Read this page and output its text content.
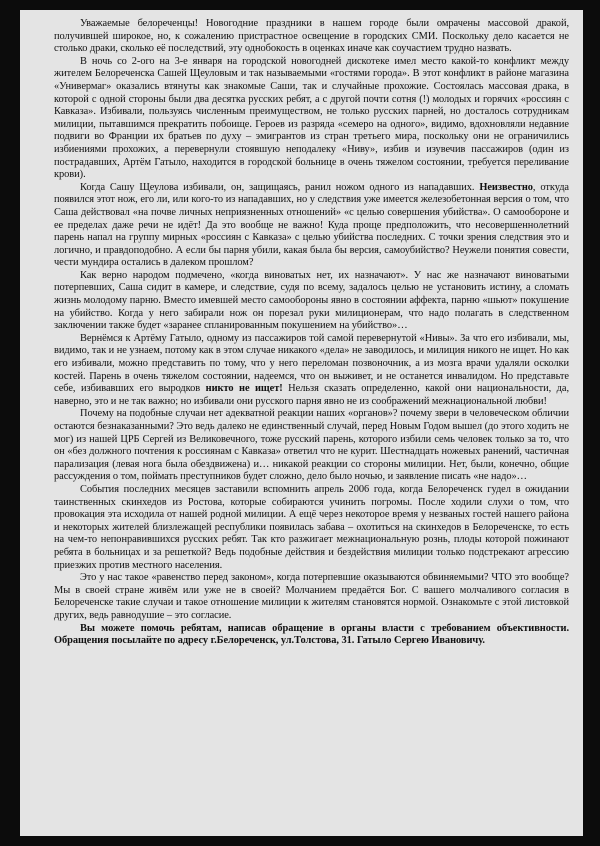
Уважаемые белореченцы! Новогодние праздники в нашем городе были омрачены массовой дракой, получившей широкое, но, к сожалению пристрастное освещение в городских СМИ. Поскольку дело касается не столько драки, сколько её последствий, эту однобокость в оценках иначе как соучастием трудно назвать.

В ночь со 2-ого на 3-е января на городской новогодней дискотеке имел место какой-то конфликт между жителем Белореченска Сашей Щеуловым и так называемыми «гостями города». В этот конфликт в районе магазина «Универмаг» оказались втянуты как знакомые Саши, так и случайные прохожие. Состоялась массовая драка, в которой с одной стороны были два десятка русских ребят, а с другой почти сотня (!) молодых и горячих «россиян с Кавказа». Избивали, пользуясь численным преимуществом, не только русских парней, но досталось сотрудникам милиции, пытавшимся прекратить побоище. Героев из разряда «семеро на одного», видимо, вдохновляли недавние подвиги во Франции их братьев по духу – эмигрантов из стран третьего мира, поскольку они не ограничились избиениями прохожих, а перевернули стоявшую неподалеку «Ниву», избив и изувечив пассажиров (один из пострадавших, Артём Гатыло, находится в городской больнице в очень тяжелом состоянии, требуется переливание крови).

Когда Сашу Щеулова избивали, он, защищаясь, ранил ножом одного из нападавших. Неизвестно, откуда появился этот нож, его ли, или кого-то из нападавших, но у следствия уже имеется железобетонная версия о том, что Саша действовал «на почве личных неприязненных отношений» «с целью совершения убийства». О самообороне и ее пределах даже речи не идёт! Да это вообще не важно! Куда проще предположить, что несовершеннолетний парень напал на группу мирных «россиян с Кавказа» с целью убийства последних. С точки зрения следствия это и логично, и правдоподобно. А если бы парня убили, какая была бы версия, самоубийство? Неужели понятия совести, чести мундира остались в далеком прошлом?

Как верно народом подмечено, «когда виноватых нет, их назначают». У нас же назначают виноватыми потерпевших, Саша сидит в камере, и следствие, судя по всему, задалось целью не установить истину, а сломать жизнь молодому парню. Вместо имевшей место самообороны явно в состоянии аффекта, парню «шьют» покушение на убийство. Когда у него забирали нож он порезал руки милиционерам, что надо полагать в следственном заключении также будет «заранее спланированным покушением на убийство»…

Вернёмся к Артёму Гатыло, одному из пассажиров той самой перевернутой «Нивы». За что его избивали, мы, видимо, так и не узнаем, потому как в этом случае никакого «дела» не заводилось, и милиция никого не ищет. Но как его избивали, можно представить по тому, что у него переломан позвоночник, а из мозга врачи удаляли осколки костей. Парень в очень тяжелом состоянии, надеемся, что он выживет, и не останется инвалидом. Но представьте себе, избивавших его выродков никто не ищет! Нельзя сказать определенно, какой они национальности, да, наверно, это и не так важно; но избивали они русского парня явно не из соображений межнациональной любви!

Почему на подобные случаи нет адекватной реакции наших «органов»? почему звери в человеческом обличии остаются безнаказанными? Это ведь далеко не единственный случай, перед Новым Годом вышел (до этого ходить не мог) из нашей ЦРБ Сергей из Великовечного, тоже русский парень, которого избили семь человек только за то, что он «без должного почтения к россиянам с Кавказа» ответил что не курит. Шестнадцать ножевых ранений, частичная парализация (левая нога была обездвижена) и… никакой реакции со стороны милиции. Нет, были, конечно, общие рассуждения о том, поймать преступников будет сложно, дело было ночью, и заявление писать «не надо»…

События последних месяцев заставили вспомнить апрель 2006 года, когда Белореченск гудел в ожидании таинственных скинхедов из Ростова, которые собираются учинить погромы. После ходили слухи о том, что провокация эта исходила от нашей родной милиции. А ещё через некоторое время у незваных гостей нашего района и некоторых жителей близлежащей республики появилась забава – охотиться на скинхедов в Белореченске, то есть на чем-то непонравившихся русских ребят. Так кто разжигает межнациональную рознь, плоды которой пожинают ребята в больницах и за решеткой? Ведь подобные действия и бездействия милиции только подстрекают агрессию приезжих против местного населения.

Это у нас такое «равенство перед законом», когда потерпевшие оказываются обвиняемыми? ЧТО это вообще? Мы в своей стране живём или уже не в своей? Молчанием предаётся Бог. С вашего молчаливого согласия в Белореченске такие случаи и такое отношение милиции к жителям становятся нормой. Ознакомьте с этой листовкой других, ведь равнодушие – это согласие.

Вы можете помочь ребятам, написав обращение в органы власти с требованием объективности. Обращения посылайте по адресу г.Белореченск, ул.Толстова, 31. Гатыло Сергею Ивановичу.
